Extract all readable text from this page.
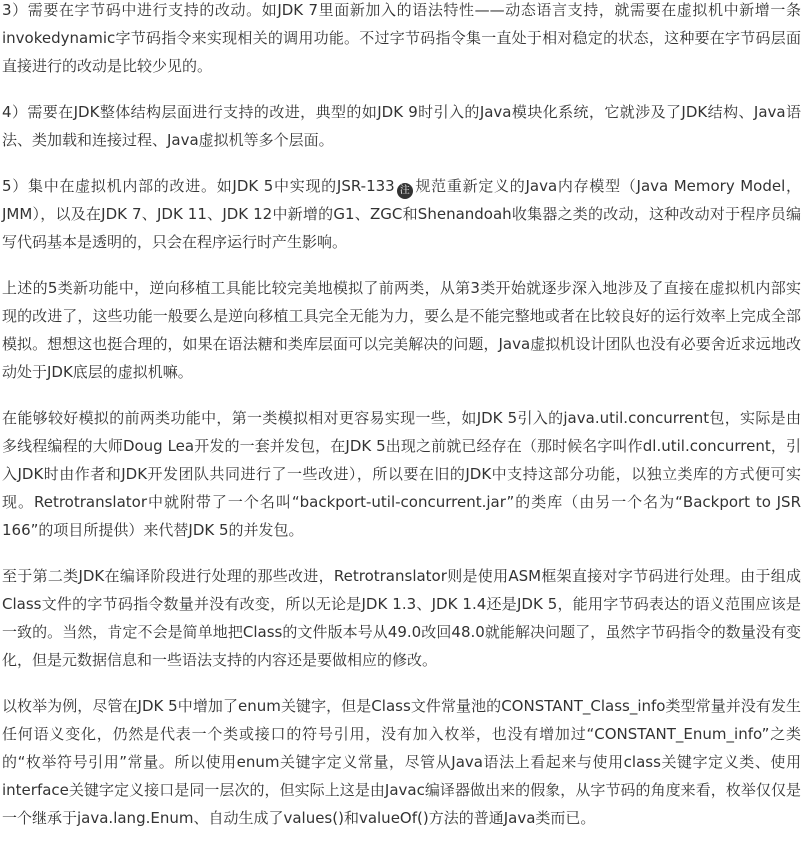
3）需要在字节码中进行支持的改动。如JDK 7里面新加入的语法特性——动态语言支持，就需要在虚拟机中新增一条invokedynamic字节码指令来实现相关的调用功能。不过字节码指令集一直处于相对稳定的状态，这种要在字节码层面直接进行的改动是比较少见的。

4）需要在JDK整体结构层面进行支持的改进，典型的如JDK 9时引入的Java模块化系统，它就涉及了JDK结构、Java语法、类加载和连接过程、Java虚拟机等多个层面。

5）集中在虚拟机内部的改进。如JDK 5中实现的JSR-133 注 规范重新定义的Java内存模型（Java Memory Model，JMM），以及在JDK 7、JDK 11、JDK 12中新增的G1、ZGC和Shenandoah收集器之类的改动，这种改动对于程序员编写代码基本是透明的，只会在程序运行时产生影响。

上述的5类新功能中，逆向移植工具能比较完美地模拟了前两类，从第3类开始就逐步深入地涉及了直接在虚拟机内部实现的改进了，这些功能一般要么是逆向移植工具完全无能为力，要么是不能完整地或者在比较良好的运行效率上完成全部模拟。想想这也挺合理的，如果在语法糖和类库层面可以完美解决的问题，Java虚拟机设计团队也没有必要舍近求远地改动处于JDK底层的虚拟机嘛。

在能够较好模拟的前两类功能中，第一类模拟相对更容易实现一些，如JDK 5引入的java.util.concurrent包，实际是由多线程编程的大师Doug Lea开发的一套并发包，在JDK 5出现之前就已经存在（那时候名字叫作dl.util.concurrent，引入JDK时由作者和JDK开发团队共同进行了一些改进），所以要在旧的JDK中支持这部分功能，以独立类库的方式便可实现。Retrotranslator中就附带了一个名叫“backport-util-concurrent.jar”的类库（由另一个名为“Backport to JSR 166”的项目所提供）来代替JDK 5的并发包。

至于第二类JDK在编译阶段进行处理的那些改进，Retrotranslator则是使用ASM框架直接对字节码进行处理。由于组成Class文件的字节码指令数量并没有改变，所以无论是JDK 1.3、JDK 1.4还是JDK 5，能用字节码表达的语义范围应该是一致的。当然，肯定不会是简单地把Class的文件版本号从49.0改回48.0就能解决问题了，虽然字节码指令的数量没有变化，但是元数据信息和一些语法支持的内容还是要做相应的修改。

以枚举为例，尽管在JDK 5中增加了enum关键字，但是Class文件常量池的CONSTANT_Class_info类型常量并没有发生任何语义变化，仍然是代表一个类或接口的符号引用，没有加入枚举，也没有增加过“CONSTANT_Enum_info”之类的“枚举符号引用”常量。所以使用enum关键字定义常量，尽管从Java语法上看起来与使用class关键字定义类、使用interface关键字定义接口是同一层次的，但实际上这是由Javac编译器做出来的假象，从字节码的角度来看，枚举仅仅是一个继承于java.lang.Enum、自动生成了values()和valueOf()方法的普通Java类而已。
